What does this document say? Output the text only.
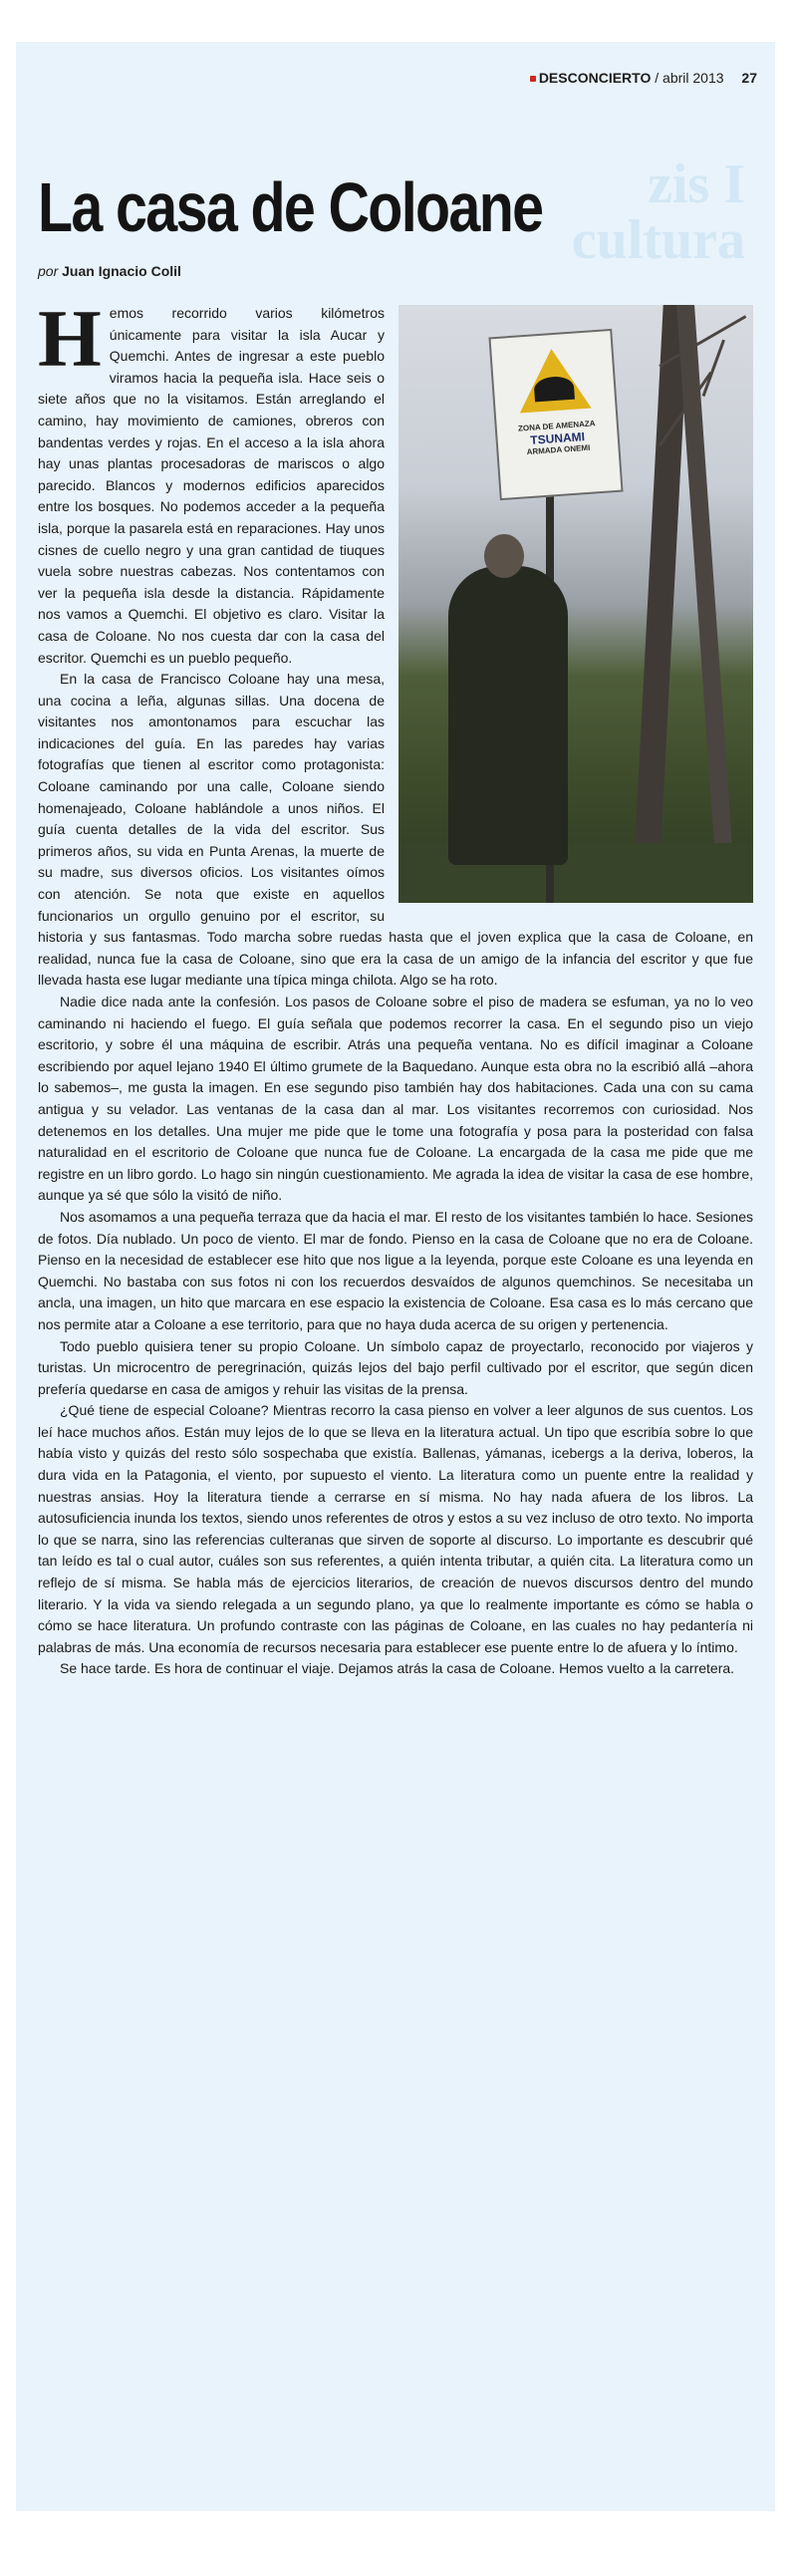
zis I
cultura
DESCONCIERTO / abril 2013 27
La casa de Coloane
por Juan Ignacio Colil
ZONA DE AMENAZA
TSUNAMI
ARMADA ONEMI

Hemos recorrido varios kilómetros únicamente para visitar la isla Aucar y Quemchi. Antes de ingresar a este pueblo viramos hacia la pequeña isla. Hace seis o siete años que no la visitamos. Están arreglando el camino, hay movimiento de camiones, obreros con bandentas verdes y rojas. En el acceso a la isla ahora hay unas plantas procesadoras de mariscos o algo parecido. Blancos y modernos edificios aparecidos entre los bosques. No podemos acceder a la pequeña isla, porque la pasarela está en reparaciones. Hay unos cisnes de cuello negro y una gran cantidad de tiuques vuela sobre nuestras cabezas. Nos contentamos con ver la pequeña isla desde la distancia. Rápidamente nos vamos a Quemchi. El objetivo es claro. Visitar la casa de Coloane. No nos cuesta dar con la casa del escritor. Quemchi es un pueblo pequeño.

En la casa de Francisco Coloane hay una mesa, una cocina a leña, algunas sillas. Una docena de visitantes nos amontonamos para escuchar las indicaciones del guía. En las paredes hay varias fotografías que tienen al escritor como protagonista: Coloane caminando por una calle, Coloane siendo homenajeado, Coloane hablándole a unos niños. El guía cuenta detalles de la vida del escritor. Sus primeros años, su vida en Punta Arenas, la muerte de su madre, sus diversos oficios. Los visitantes oímos con atención. Se nota que existe en aquellos funcionarios un orgullo genuino por el escritor, su historia y sus fantasmas. Todo marcha sobre ruedas hasta que el joven explica que la casa de Coloane, en realidad, nunca fue la casa de Coloane, sino que era la casa de un amigo de la infancia del escritor y que fue llevada hasta ese lugar mediante una típica minga chilota. Algo se ha roto.

Nadie dice nada ante la confesión. Los pasos de Coloane sobre el piso de madera se esfuman, ya no lo veo caminando ni haciendo el fuego. El guía señala que podemos recorrer la casa. En el segundo piso un viejo escritorio, y sobre él una máquina de escribir. Atrás una pequeña ventana. No es difícil imaginar a Coloane escribiendo por aquel lejano 1940 El último grumete de la Baquedano. Aunque esta obra no la escribió allá –ahora lo sabemos–, me gusta la imagen. En ese segundo piso también hay dos habitaciones. Cada una con su cama antigua y su velador. Las ventanas de la casa dan al mar. Los visitantes recorremos con curiosidad. Nos detenemos en los detalles. Una mujer me pide que le tome una fotografía y posa para la posteridad con falsa naturalidad en el escritorio de Coloane que nunca fue de Coloane. La encargada de la casa me pide que me registre en un libro gordo. Lo hago sin ningún cuestionamiento. Me agrada la idea de visitar la casa de ese hombre, aunque ya sé que sólo la visitó de niño.

Nos asomamos a una pequeña terraza que da hacia el mar. El resto de los visitantes también lo hace. Sesiones de fotos. Día nublado. Un poco de viento. El mar de fondo. Pienso en la casa de Coloane que no era de Coloane. Pienso en la necesidad de establecer ese hito que nos ligue a la leyenda, porque este Coloane es una leyenda en Quemchi. No bastaba con sus fotos ni con los recuerdos desvaídos de algunos quemchinos. Se necesitaba un ancla, una imagen, un hito que marcara en ese espacio la existencia de Coloane. Esa casa es lo más cercano que nos permite atar a Coloane a ese territorio, para que no haya duda acerca de su origen y pertenencia.

Todo pueblo quisiera tener su propio Coloane. Un símbolo capaz de proyectarlo, reconocido por viajeros y turistas. Un microcentro de peregrinación, quizás lejos del bajo perfil cultivado por el escritor, que según dicen prefería quedarse en casa de amigos y rehuir las visitas de la prensa.

¿Qué tiene de especial Coloane? Mientras recorro la casa pienso en volver a leer algunos de sus cuentos. Los leí hace muchos años. Están muy lejos de lo que se lleva en la literatura actual. Un tipo que escribía sobre lo que había visto y quizás del resto sólo sospechaba que existía. Ballenas, yámanas, icebergs a la deriva, loberos, la dura vida en la Patagonia, el viento, por supuesto el viento. La literatura como un puente entre la realidad y nuestras ansias. Hoy la literatura tiende a cerrarse en sí misma. No hay nada afuera de los libros. La autosuficiencia inunda los textos, siendo unos referentes de otros y estos a su vez incluso de otro texto. No importa lo que se narra, sino las referencias culteranas que sirven de soporte al discurso. Lo importante es descubrir qué tan leído es tal o cual autor, cuáles son sus referentes, a quién intenta tributar, a quién cita. La literatura como un reflejo de sí misma. Se habla más de ejercicios literarios, de creación de nuevos discursos dentro del mundo literario. Y la vida va siendo relegada a un segundo plano, ya que lo realmente importante es cómo se habla o cómo se hace literatura. Un profundo contraste con las páginas de Coloane, en las cuales no hay pedantería ni palabras de más. Una economía de recursos necesaria para establecer ese puente entre lo de afuera y lo íntimo.

Se hace tarde. Es hora de continuar el viaje. Dejamos atrás la casa de Coloane. Hemos vuelto a la carretera.
